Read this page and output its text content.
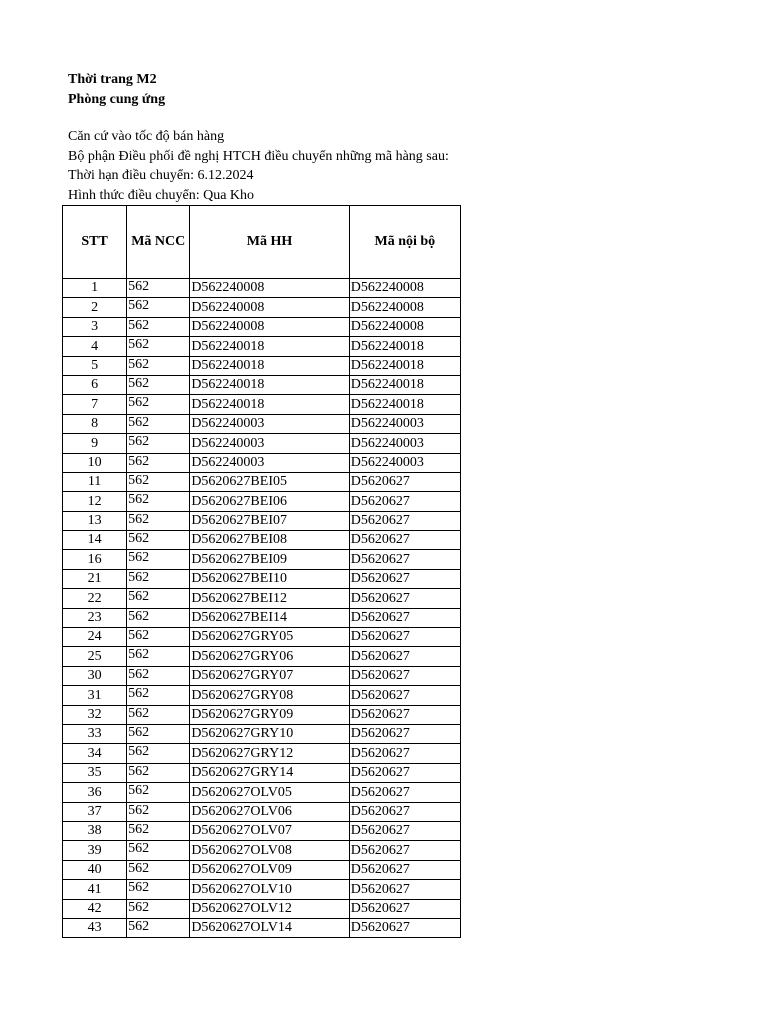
Thời trang M2
Phòng cung ứng
Căn cứ vào tốc độ bán hàng
Bộ phận Điều phối đề nghị HTCH điều chuyển những mã hàng sau:
Thời hạn điều chuyển: 6.12.2024
Hình thức điều chuyển: Qua Kho
STT	Mã NCC	Mã HH	Mã nội bộ
1	562	D562240008	D562240008
2	562	D562240008	D562240008
3	562	D562240008	D562240008
4	562	D562240018	D562240018
5	562	D562240018	D562240018
6	562	D562240018	D562240018
7	562	D562240018	D562240018
8	562	D562240003	D562240003
9	562	D562240003	D562240003
10	562	D562240003	D562240003
11	562	D5620627BEI05	D5620627
12	562	D5620627BEI06	D5620627
13	562	D5620627BEI07	D5620627
14	562	D5620627BEI08	D5620627
16	562	D5620627BEI09	D5620627
21	562	D5620627BEI10	D5620627
22	562	D5620627BEI12	D5620627
23	562	D5620627BEI14	D5620627
24	562	D5620627GRY05	D5620627
25	562	D5620627GRY06	D5620627
30	562	D5620627GRY07	D5620627
31	562	D5620627GRY08	D5620627
32	562	D5620627GRY09	D5620627
33	562	D5620627GRY10	D5620627
34	562	D5620627GRY12	D5620627
35	562	D5620627GRY14	D5620627
36	562	D5620627OLV05	D5620627
37	562	D5620627OLV06	D5620627
38	562	D5620627OLV07	D5620627
39	562	D5620627OLV08	D5620627
40	562	D5620627OLV09	D5620627
41	562	D5620627OLV10	D5620627
42	562	D5620627OLV12	D5620627
43	562	D5620627OLV14	D5620627
